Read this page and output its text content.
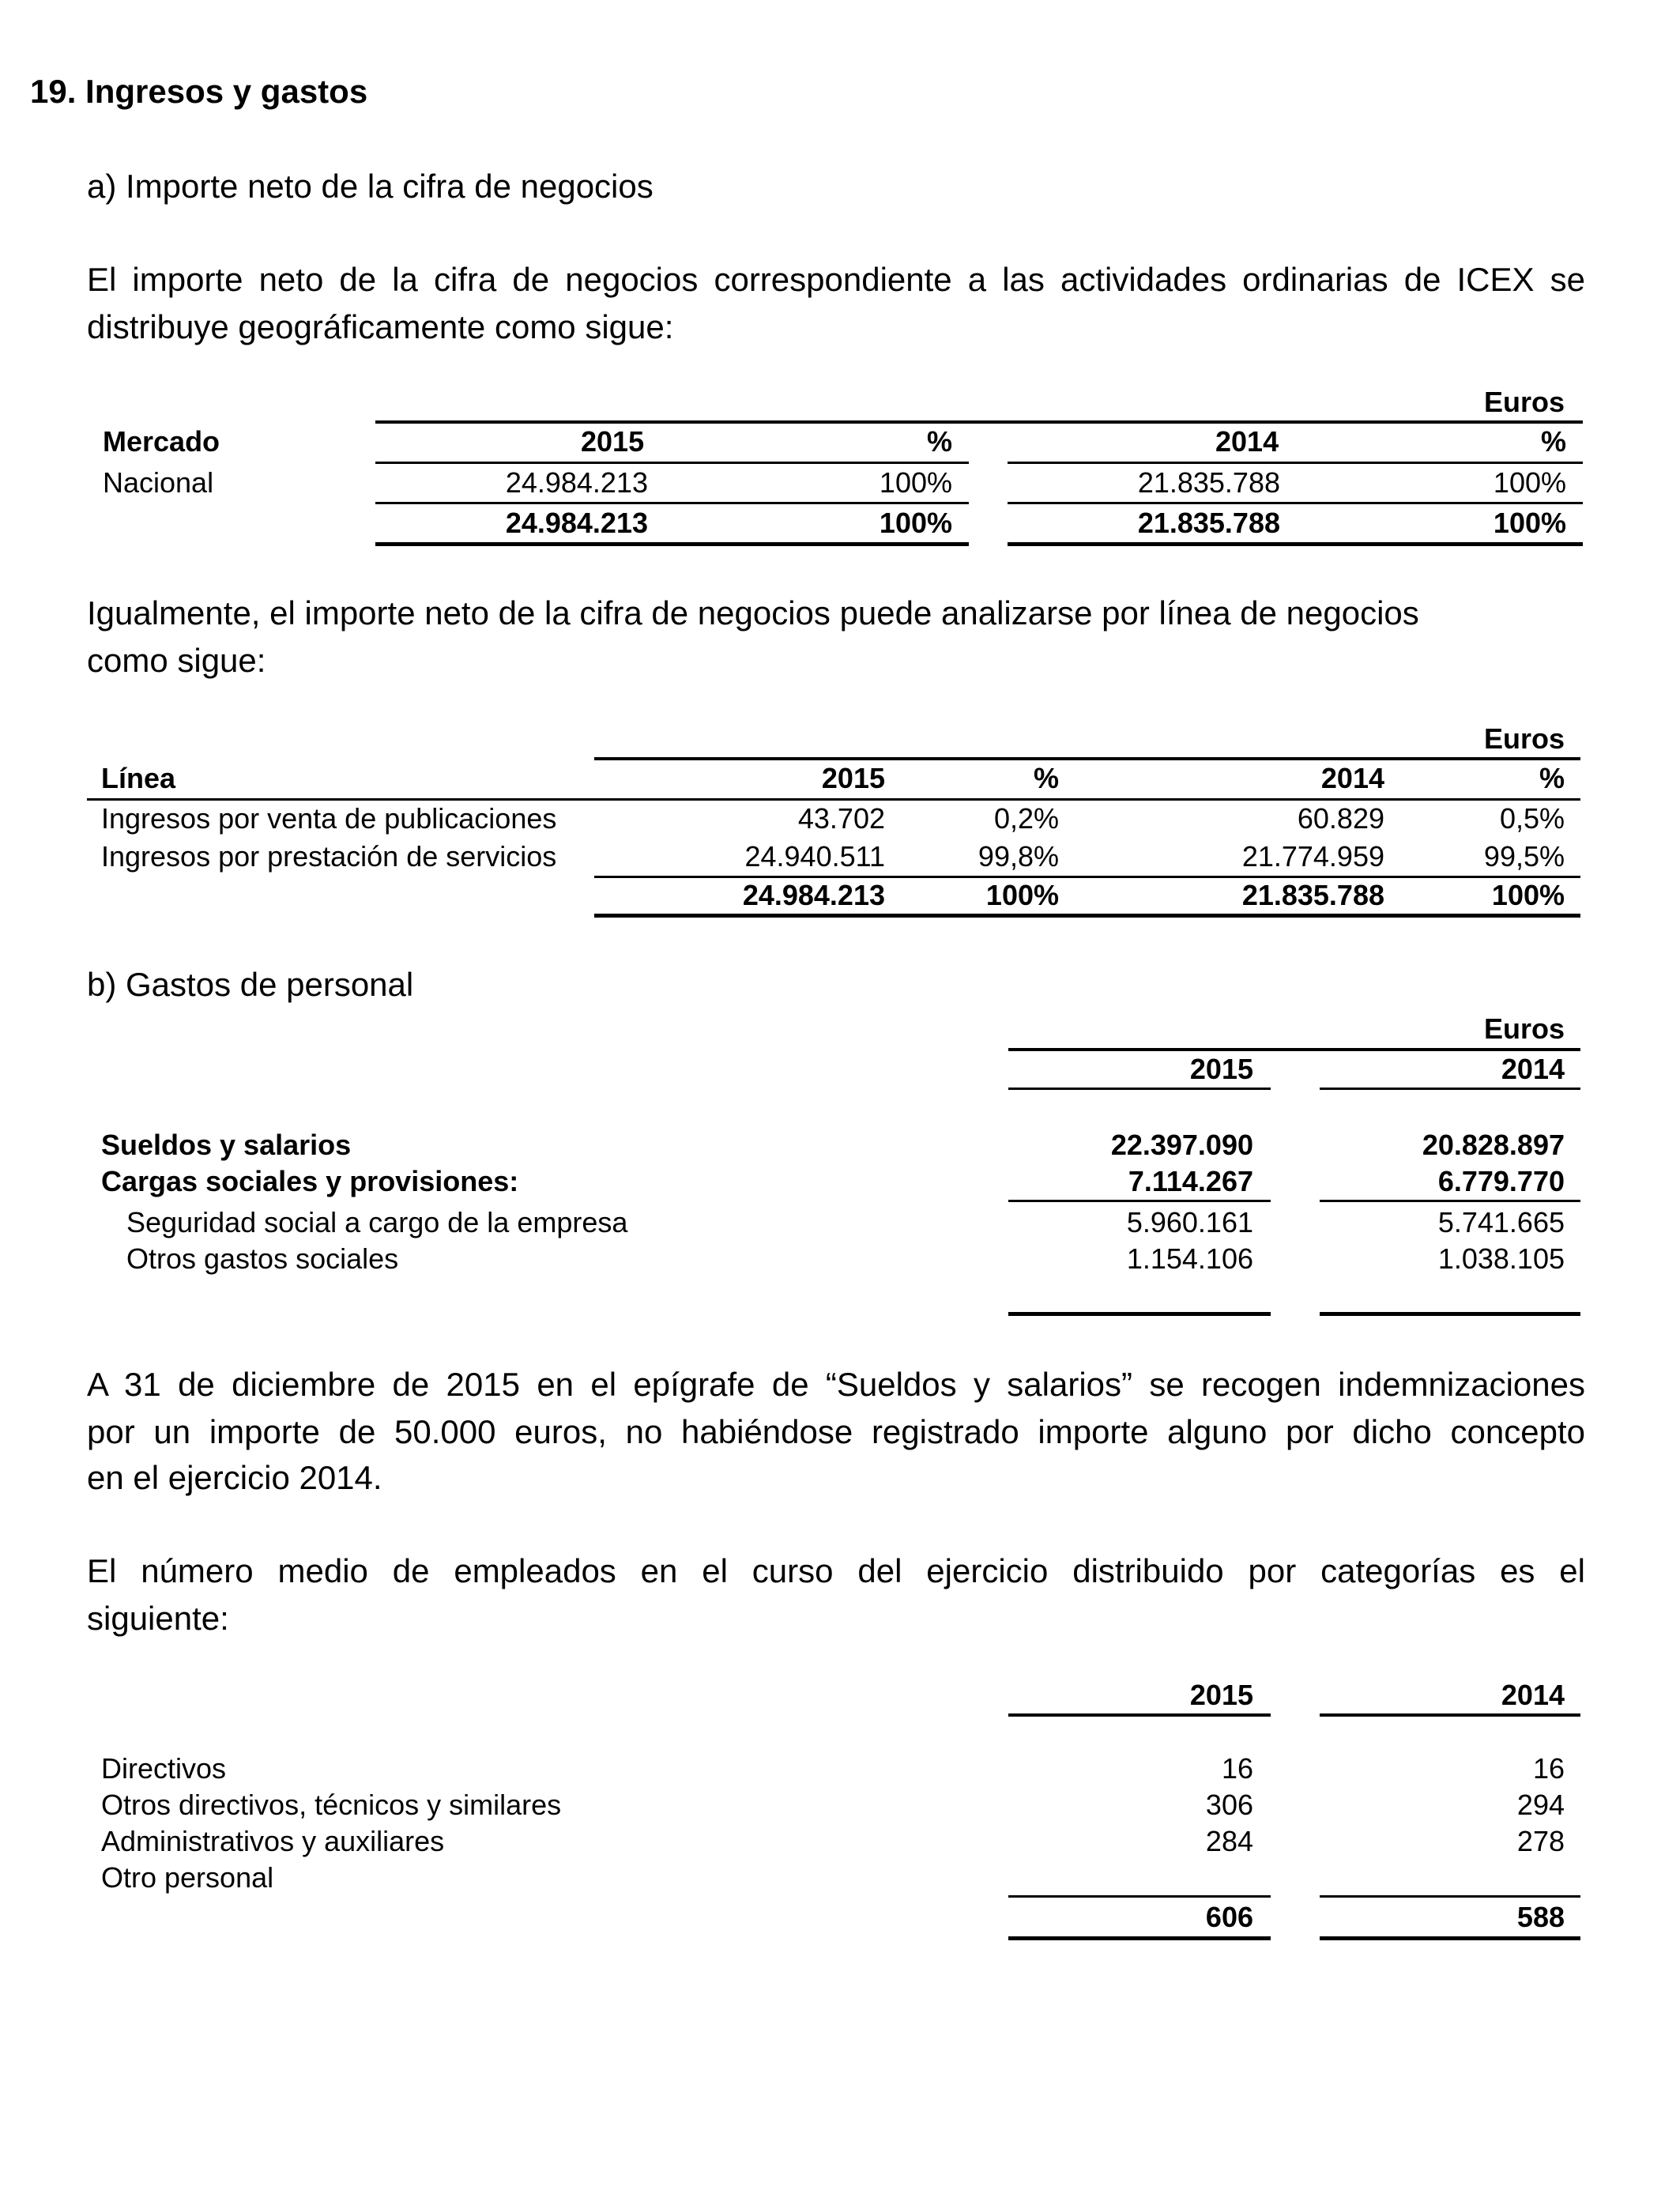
19. Ingresos y gastos
a) Importe neto de la cifra de negocios
El importe neto de la cifra de negocios correspondiente a las actividades ordinarias de ICEX se
distribuye geográficamente como sigue:
Euros
Mercado	2015	%	2014	%
Nacional	24.984.213	100%	21.835.788	100%
24.984.213	100%	21.835.788	100%
Igualmente, el importe neto de la cifra de negocios puede analizarse por línea de negocios
como sigue:
Euros
Línea	2015	%	2014	%
Ingresos por venta de publicaciones	43.702	0,2%	60.829	0,5%
Ingresos por prestación de servicios	24.940.511	99,8%	21.774.959	99,5%
24.984.213	100%	21.835.788	100%
b) Gastos de personal
Euros
2015	2014
Sueldos y salarios	22.397.090	20.828.897
Cargas sociales y provisiones:	7.114.267	6.779.770
Seguridad social a cargo de la empresa	5.960.161	5.741.665
Otros gastos sociales	1.154.106	1.038.105
A 31 de diciembre de 2015 en el epígrafe de “Sueldos y salarios” se recogen indemnizaciones
por un importe de 50.000 euros, no habiéndose registrado importe alguno por dicho concepto
en el ejercicio 2014.
El número medio de empleados en el curso del ejercicio distribuido por categorías es el
siguiente:
2015	2014
Directivos	16	16
Otros directivos, técnicos y similares	306	294
Administrativos y auxiliares	284	278
Otro personal
606	588
